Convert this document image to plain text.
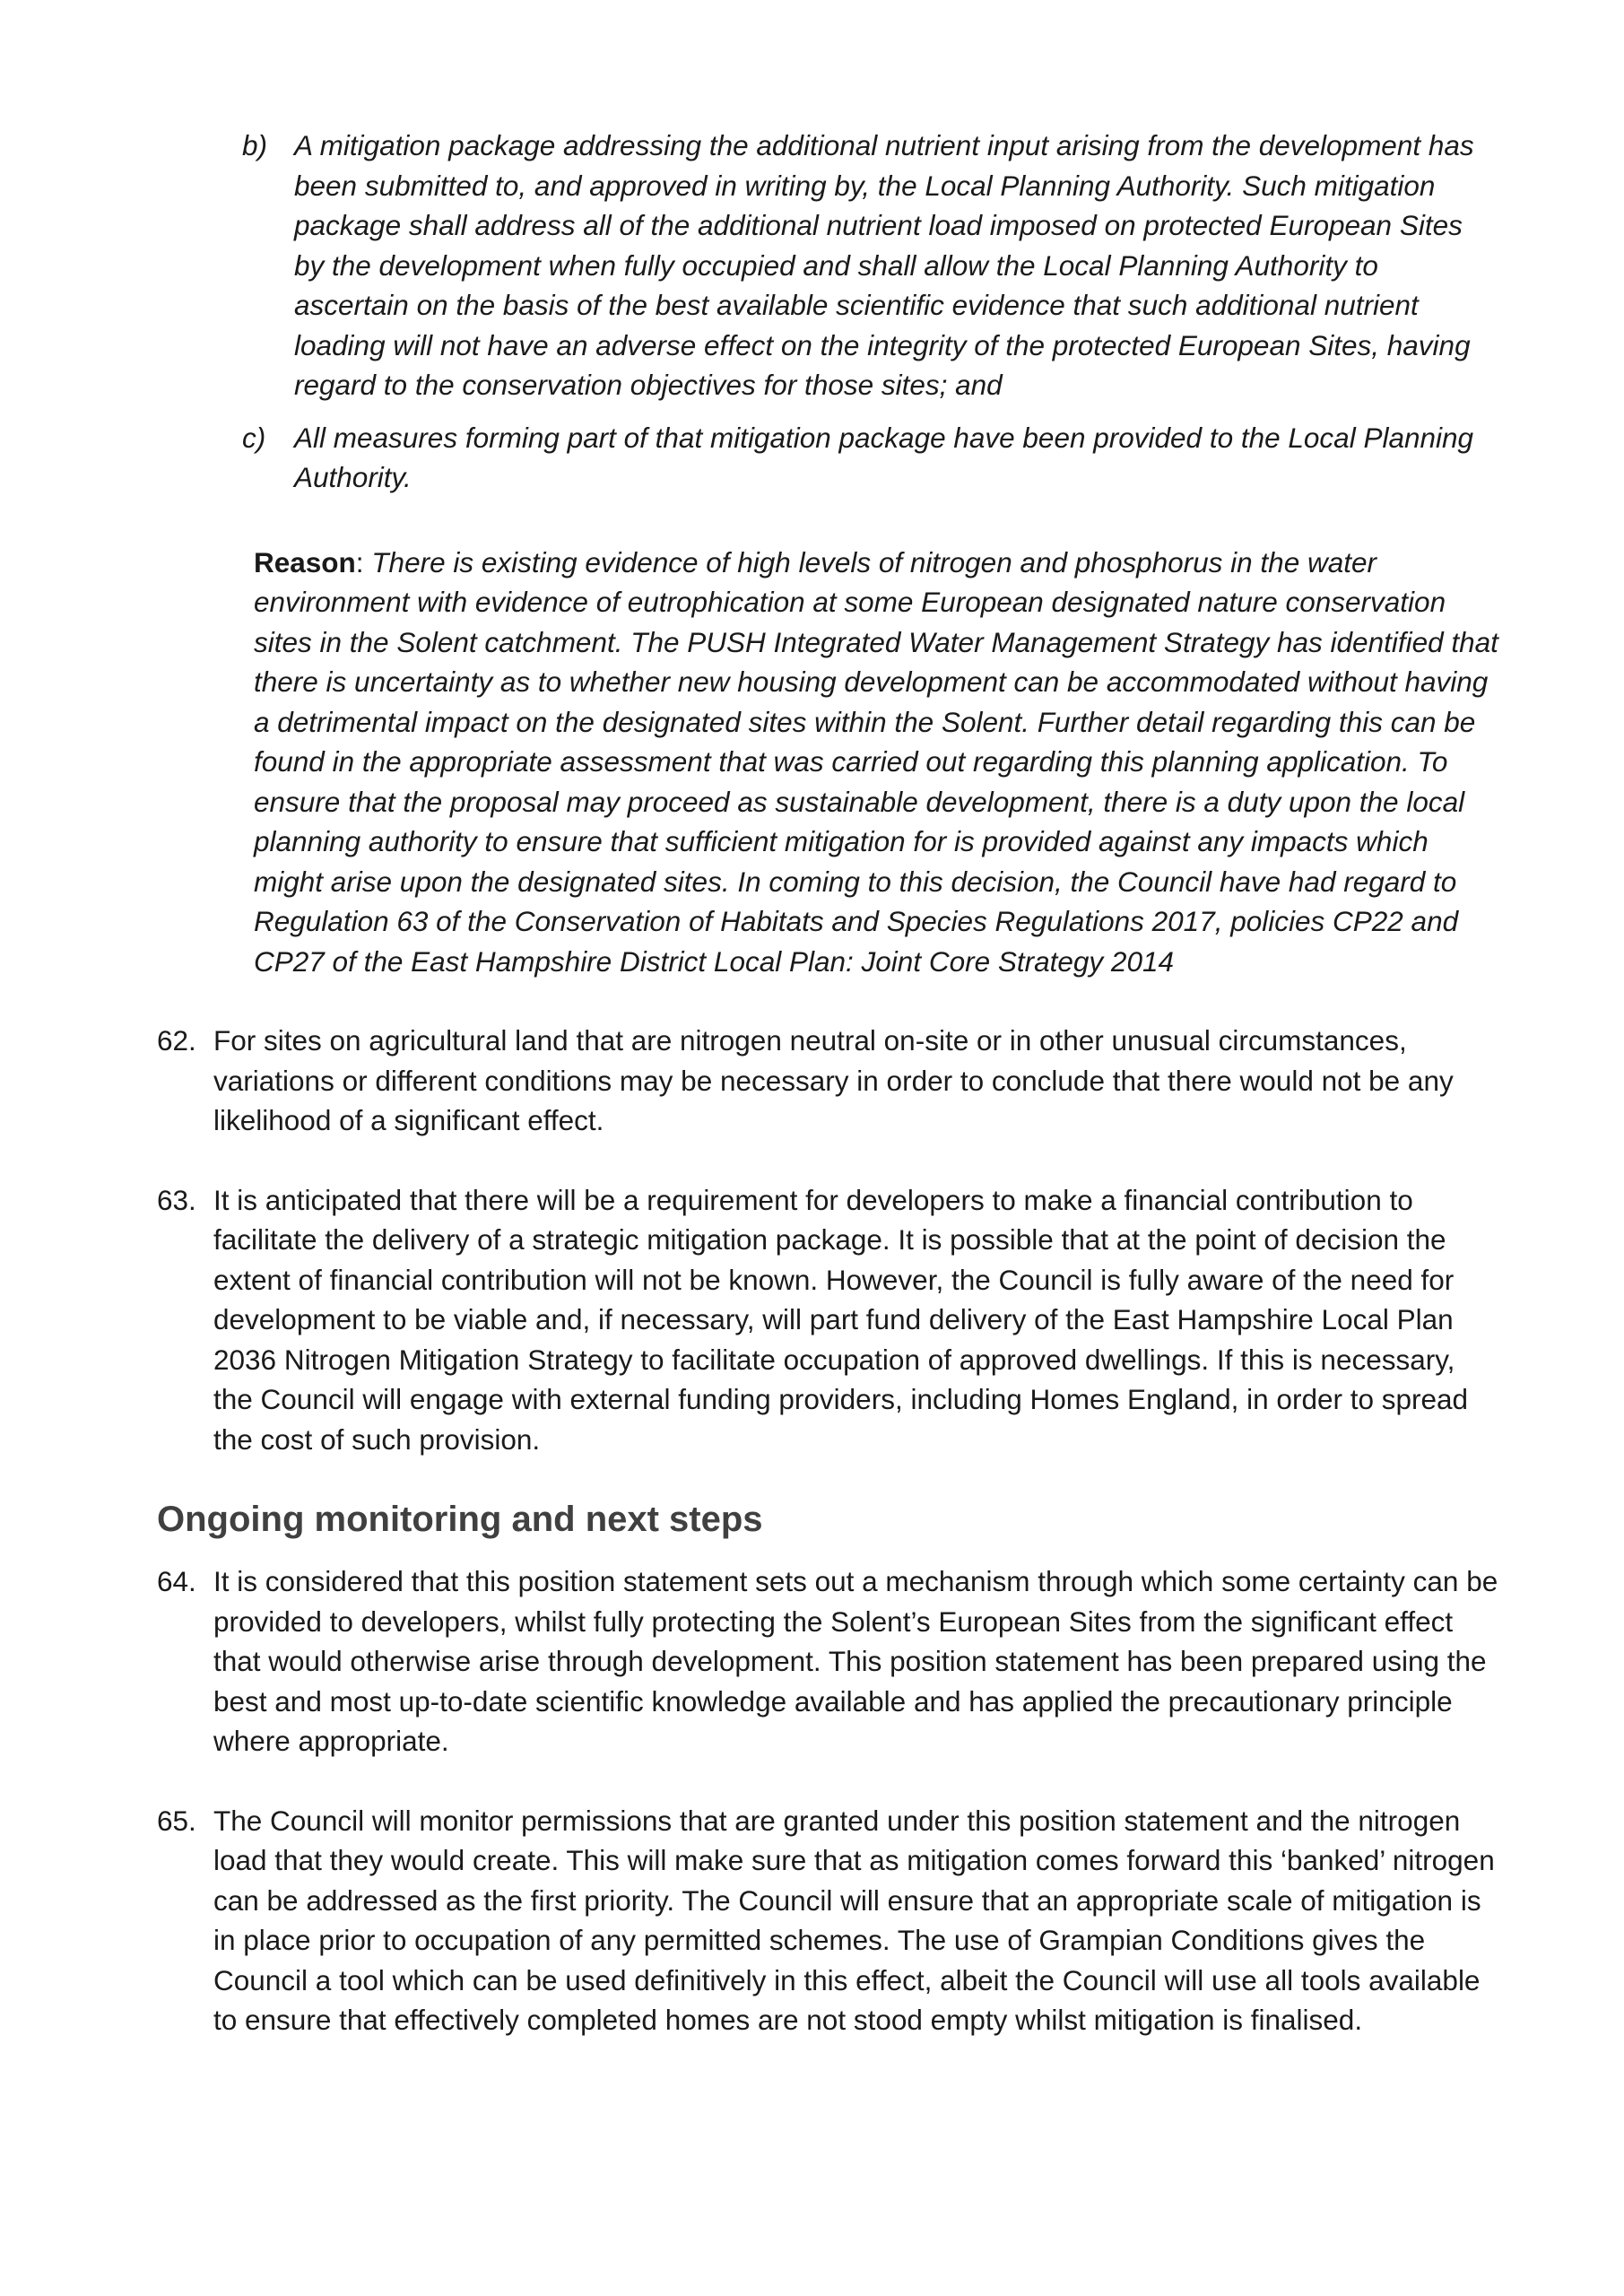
b) A mitigation package addressing the additional nutrient input arising from the development has been submitted to, and approved in writing by, the Local Planning Authority. Such mitigation package shall address all of the additional nutrient load imposed on protected European Sites by the development when fully occupied and shall allow the Local Planning Authority to ascertain on the basis of the best available scientific evidence that such additional nutrient loading will not have an adverse effect on the integrity of the protected European Sites, having regard to the conservation objectives for those sites; and
c) All measures forming part of that mitigation package have been provided to the Local Planning Authority.

Reason: There is existing evidence of high levels of nitrogen and phosphorus in the water environment with evidence of eutrophication at some European designated nature conservation sites in the Solent catchment. The PUSH Integrated Water Management Strategy has identified that there is uncertainty as to whether new housing development can be accommodated without having a detrimental impact on the designated sites within the Solent. Further detail regarding this can be found in the appropriate assessment that was carried out regarding this planning application. To ensure that the proposal may proceed as sustainable development, there is a duty upon the local planning authority to ensure that sufficient mitigation for is provided against any impacts which might arise upon the designated sites. In coming to this decision, the Council have had regard to Regulation 63 of the Conservation of Habitats and Species Regulations 2017, policies CP22 and CP27 of the East Hampshire District Local Plan: Joint Core Strategy 2014

62. For sites on agricultural land that are nitrogen neutral on-site or in other unusual circumstances, variations or different conditions may be necessary in order to conclude that there would not be any likelihood of a significant effect.
63. It is anticipated that there will be a requirement for developers to make a financial contribution to facilitate the delivery of a strategic mitigation package. It is possible that at the point of decision the extent of financial contribution will not be known. However, the Council is fully aware of the need for development to be viable and, if necessary, will part fund delivery of the East Hampshire Local Plan 2036 Nitrogen Mitigation Strategy to facilitate occupation of approved dwellings. If this is necessary, the Council will engage with external funding providers, including Homes England, in order to spread the cost of such provision.
Ongoing monitoring and next steps
64. It is considered that this position statement sets out a mechanism through which some certainty can be provided to developers, whilst fully protecting the Solent’s European Sites from the significant effect that would otherwise arise through development. This position statement has been prepared using the best and most up-to-date scientific knowledge available and has applied the precautionary principle where appropriate.
65. The Council will monitor permissions that are granted under this position statement and the nitrogen load that they would create. This will make sure that as mitigation comes forward this ‘banked’ nitrogen can be addressed as the first priority. The Council will ensure that an appropriate scale of mitigation is in place prior to occupation of any permitted schemes. The use of Grampian Conditions gives the Council a tool which can be used definitively in this effect, albeit the Council will use all tools available to ensure that effectively completed homes are not stood empty whilst mitigation is finalised.
